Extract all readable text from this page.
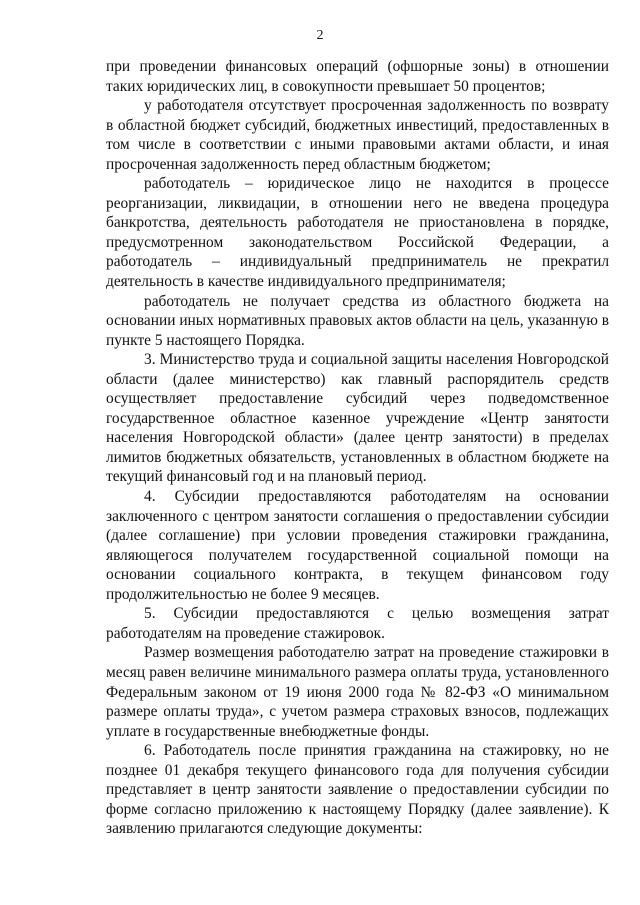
2

при проведении финансовых операций (офшорные зоны) в отношении таких юридических лиц, в совокупности превышает 50 процентов;

у работодателя отсутствует просроченная задолженность по возврату в областной бюджет субсидий, бюджетных инвестиций, предоставленных в том числе в соответствии с иными правовыми актами области, и иная просроченная задолженность перед областным бюджетом;

работодатель – юридическое лицо не находится в процессе реорганизации, ликвидации, в отношении него не введена процедура банкротства, деятельность работодателя не приостановлена в порядке, предусмотренном законодательством Российской Федерации, а работодатель – индивидуальный предприниматель не прекратил деятельность в качестве индивидуального предпринимателя;

работодатель не получает средства из областного бюджета на основании иных нормативных правовых актов области на цель, указанную в пункте 5 настоящего Порядка.

3. Министерство труда и социальной защиты населения Новгородской области (далее министерство) как главный распорядитель средств осуществляет предоставление субсидий через подведомственное государственное областное казенное учреждение «Центр занятости населения Новгородской области» (далее центр занятости) в пределах лимитов бюджетных обязательств, установленных в областном бюджете на текущий финансовый год и на плановый период.

4. Субсидии предоставляются работодателям на основании заключенного с центром занятости соглашения о предоставлении субсидии (далее соглашение) при условии проведения стажировки гражданина, являющегося получателем государственной социальной помощи на основании социального контракта, в текущем финансовом году продолжительностью не более 9 месяцев.

5. Субсидии предоставляются с целью возмещения затрат работодателям на проведение стажировок.

Размер возмещения работодателю затрат на проведение стажировки в месяц равен величине минимального размера оплаты труда, установленного Федеральным законом от 19 июня 2000 года № 82-ФЗ «О минимальном размере оплаты труда», с учетом размера страховых взносов, подлежащих уплате в государственные внебюджетные фонды.

6. Работодатель после принятия гражданина на стажировку, но не позднее 01 декабря текущего финансового года для получения субсидии представляет в центр занятости заявление о предоставлении субсидии по форме согласно приложению к настоящему Порядку (далее заявление). К заявлению прилагаются следующие документы:
